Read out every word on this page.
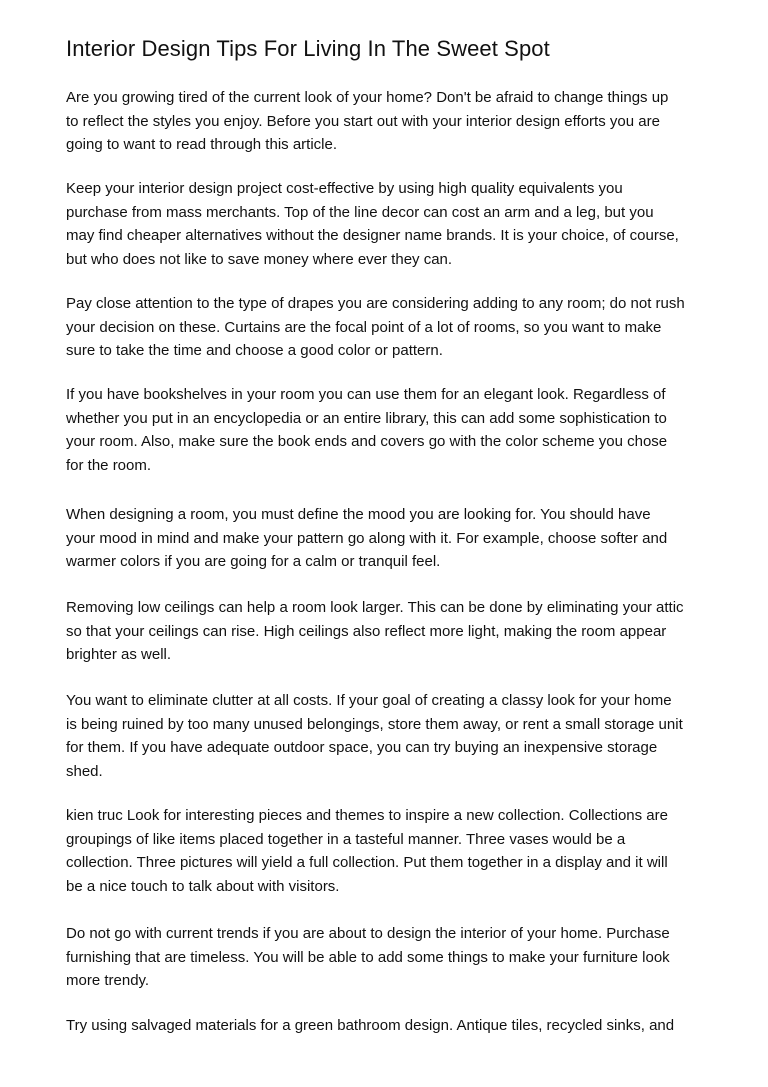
Interior Design Tips For Living In The Sweet Spot

Are you growing tired of the current look of your home? Don't be afraid to change things up
to reflect the styles you enjoy. Before you start out with your interior design efforts you are
going to want to read through this article.

Keep your interior design project cost-effective by using high quality equivalents you
purchase from mass merchants. Top of the line decor can cost an arm and a leg, but you
may find cheaper alternatives without the designer name brands. It is your choice, of course,
but who does not like to save money where ever they can.

Pay close attention to the type of drapes you are considering adding to any room; do not rush
your decision on these. Curtains are the focal point of a lot of rooms, so you want to make
sure to take the time and choose a good color or pattern.

If you have bookshelves in your room you can use them for an elegant look. Regardless of
whether you put in an encyclopedia or an entire library, this can add some sophistication to
your room. Also, make sure the book ends and covers go with the color scheme you chose
for the room.

When designing a room, you must define the mood you are looking for. You should have
your mood in mind and make your pattern go along with it. For example, choose softer and
warmer colors if you are going for a calm or tranquil feel.

Removing low ceilings can help a room look larger. This can be done by eliminating your attic
so that your ceilings can rise. High ceilings also reflect more light, making the room appear
brighter as well.

You want to eliminate clutter at all costs. If your goal of creating a classy look for your home
is being ruined by too many unused belongings, store them away, or rent a small storage unit
for them. If you have adequate outdoor space, you can try buying an inexpensive storage
shed.

kien truc Look for interesting pieces and themes to inspire a new collection. Collections are
groupings of like items placed together in a tasteful manner. Three vases would be a
collection. Three pictures will yield a full collection. Put them together in a display and it will
be a nice touch to talk about with visitors.

Do not go with current trends if you are about to design the interior of your home. Purchase
furnishing that are timeless. You will be able to add some things to make your furniture look
more trendy.

Try using salvaged materials for a green bathroom design. Antique tiles, recycled sinks, and
